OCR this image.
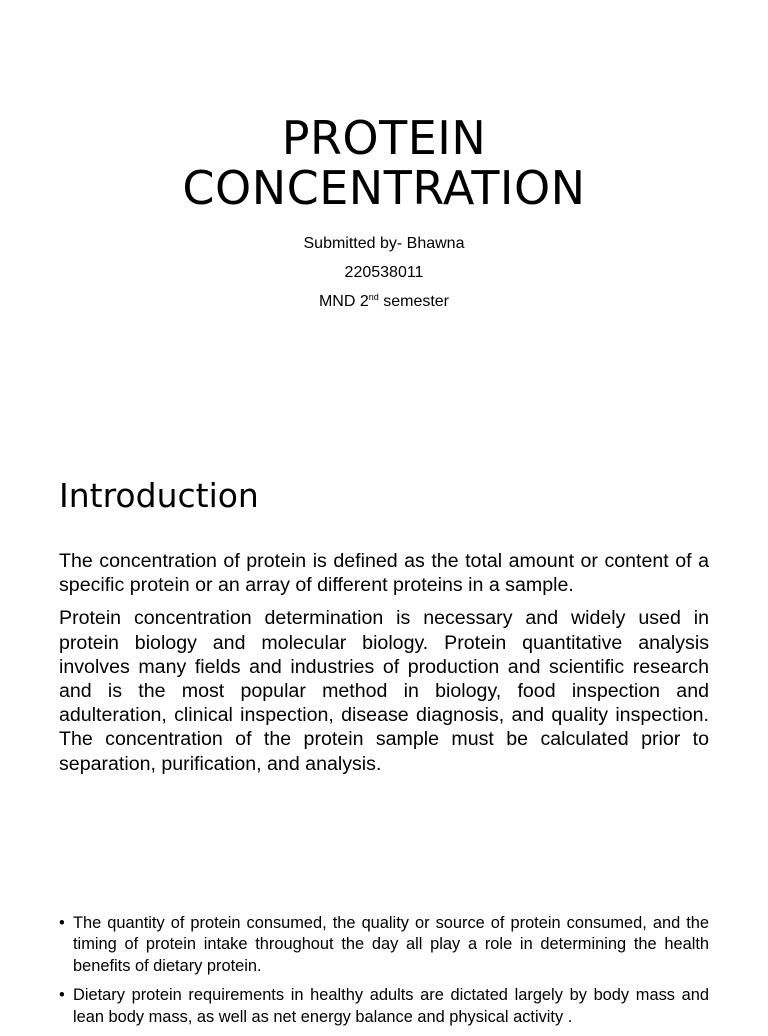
PROTEIN
CONCENTRATION
Submitted by- Bhawna
220538011
MND 2nd semester
Introduction

The concentration of protein is defined as the total amount or content of a specific protein or an array of different proteins in a sample.

Protein concentration determination is necessary and widely used in protein biology and molecular biology. Protein quantitative analysis involves many fields and industries of production and scientific research and is the most popular method in biology, food inspection and adulteration, clinical inspection, disease diagnosis, and quality inspection. The concentration of the protein sample must be calculated prior to separation, purification, and analysis.

• The quantity of protein consumed, the quality or source of protein consumed, and the timing of protein intake throughout the day all play a role in determining the health benefits of dietary protein.
• Dietary protein requirements in healthy adults are dictated largely by body mass and lean body mass, as well as net energy balance and physical activity .
